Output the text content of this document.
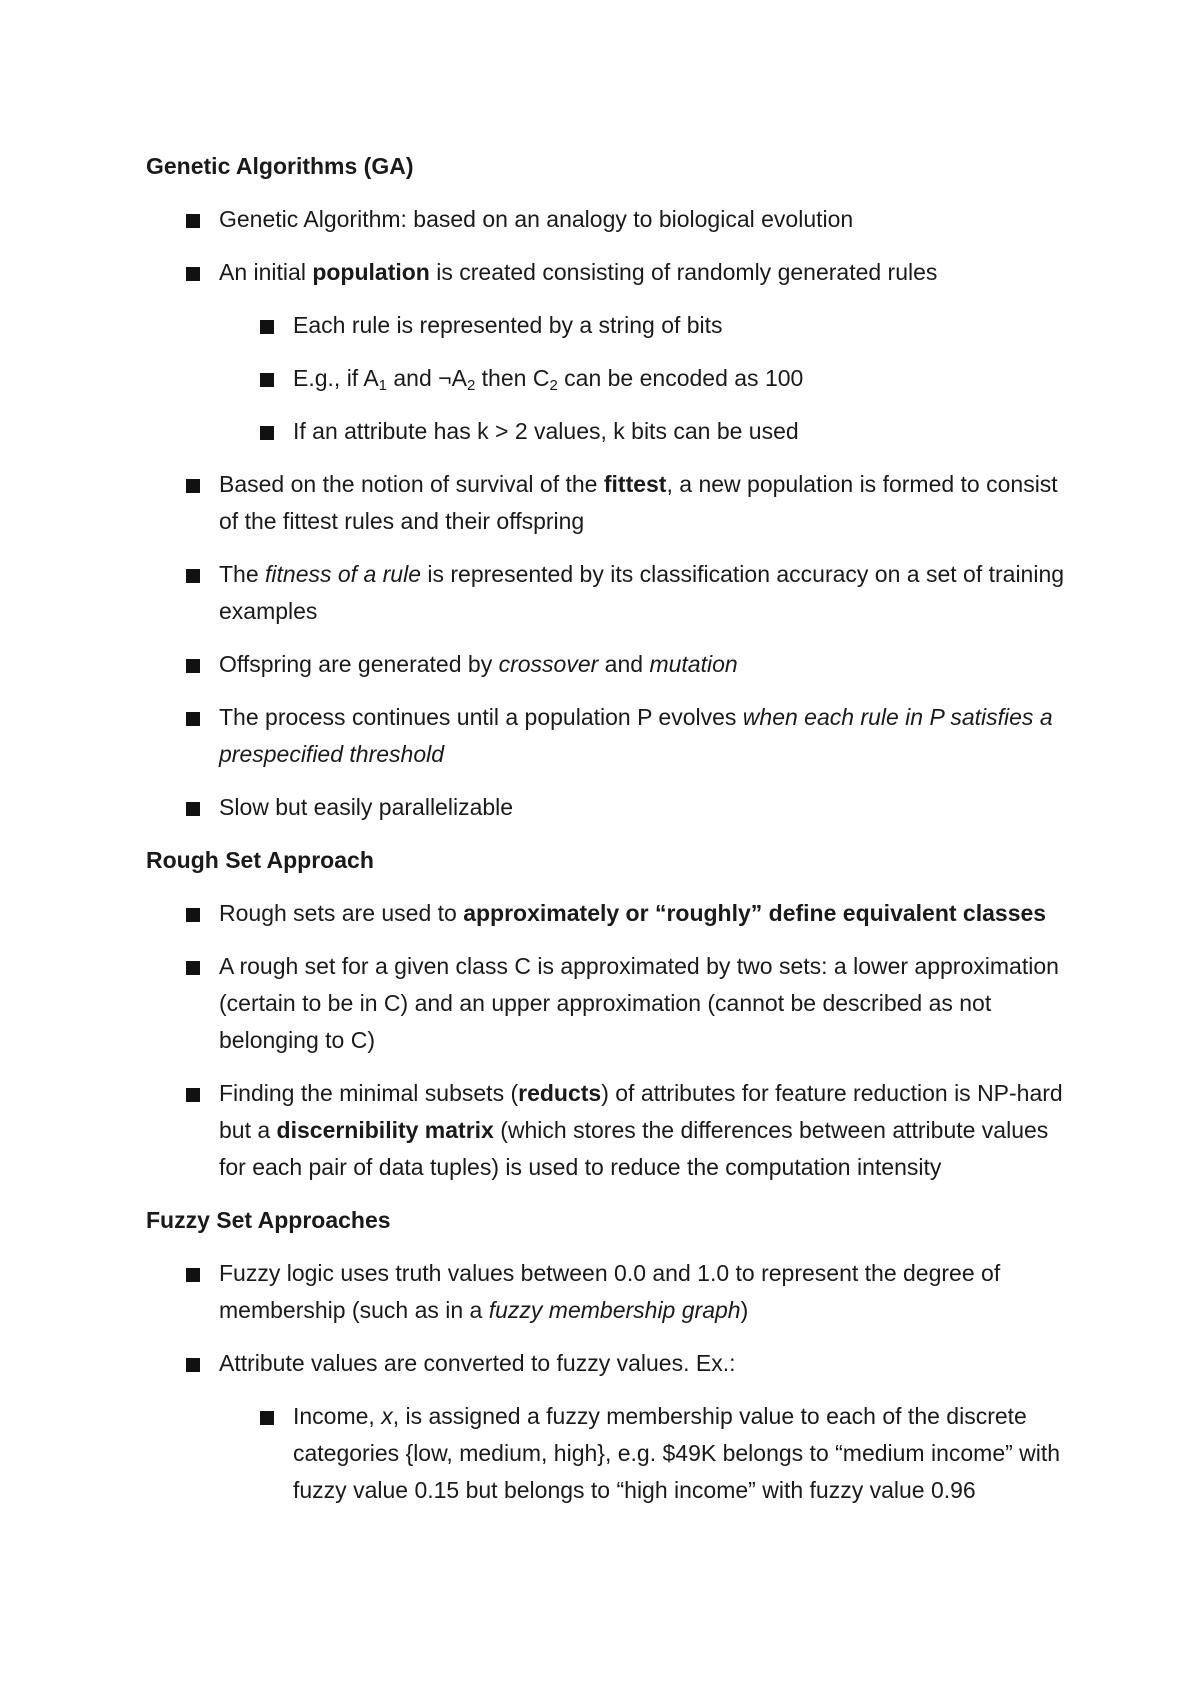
Genetic Algorithms (GA)
Genetic Algorithm: based on an analogy to biological evolution
An initial population is created consisting of randomly generated rules
Each rule is represented by a string of bits
E.g., if $A_1$ and $\neg A_2$ then $C_2$ can be encoded as 100
If an attribute has k > 2 values, k bits can be used
Based on the notion of survival of the fittest, a new population is formed to consist of the fittest rules and their offspring
The fitness of a rule is represented by its classification accuracy on a set of training examples
Offspring are generated by crossover and mutation
The process continues until a population P evolves when each rule in P satisfies a prespecified threshold
Slow but easily parallelizable
Rough Set Approach
Rough sets are used to approximately or “roughly” define equivalent classes
A rough set for a given class C is approximated by two sets: a lower approximation (certain to be in C) and an upper approximation (cannot be described as not belonging to C)
Finding the minimal subsets (reducts) of attributes for feature reduction is NP-hard but a discernibility matrix (which stores the differences between attribute values for each pair of data tuples) is used to reduce the computation intensity
Fuzzy Set Approaches
Fuzzy logic uses truth values between 0.0 and 1.0 to represent the degree of membership (such as in a fuzzy membership graph)
Attribute values are converted to fuzzy values. Ex.:
Income, x, is assigned a fuzzy membership value to each of the discrete categories {low, medium, high}, e.g. $49K belongs to “medium income” with fuzzy value 0.15 but belongs to “high income” with fuzzy value 0.96
